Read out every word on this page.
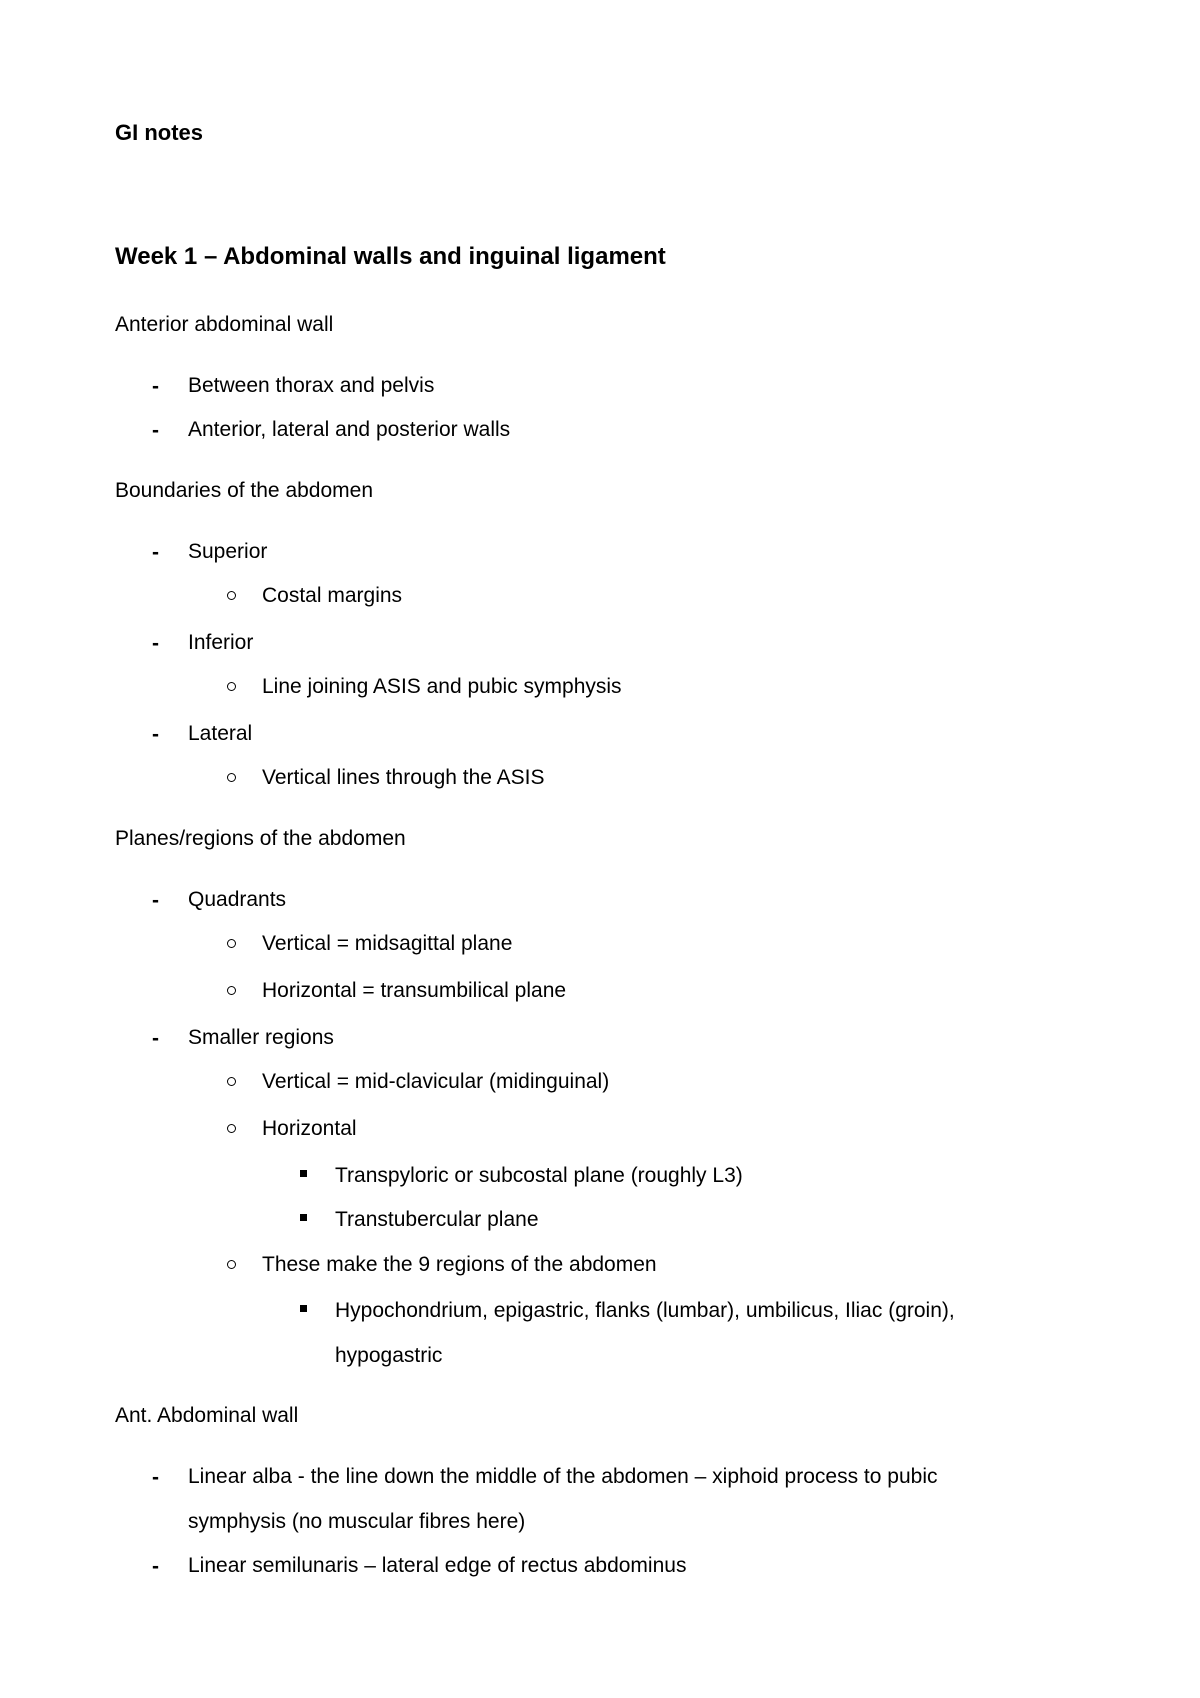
GI notes
Week 1 – Abdominal walls and inguinal ligament
Anterior abdominal wall
- Between thorax and pelvis
- Anterior, lateral and posterior walls
Boundaries of the abdomen
- Superior
Costal margins
- Inferior
Line joining ASIS and pubic symphysis
- Lateral
Vertical lines through the ASIS
Planes/regions of the abdomen
- Quadrants
Vertical = midsagittal plane
Horizontal = transumbilical plane
- Smaller regions
Vertical = mid-clavicular (midinguinal)
Horizontal
Transpyloric or subcostal plane (roughly L3)
Transtubercular plane
These make the 9 regions of the abdomen
Hypochondrium, epigastric, flanks (lumbar), umbilicus, Iliac (groin),
hypogastric
Ant. Abdominal wall
- Linear alba - the line down the middle of the abdomen – xiphoid process to pubic
symphysis (no muscular fibres here)
- Linear semilunaris – lateral edge of rectus abdominus
